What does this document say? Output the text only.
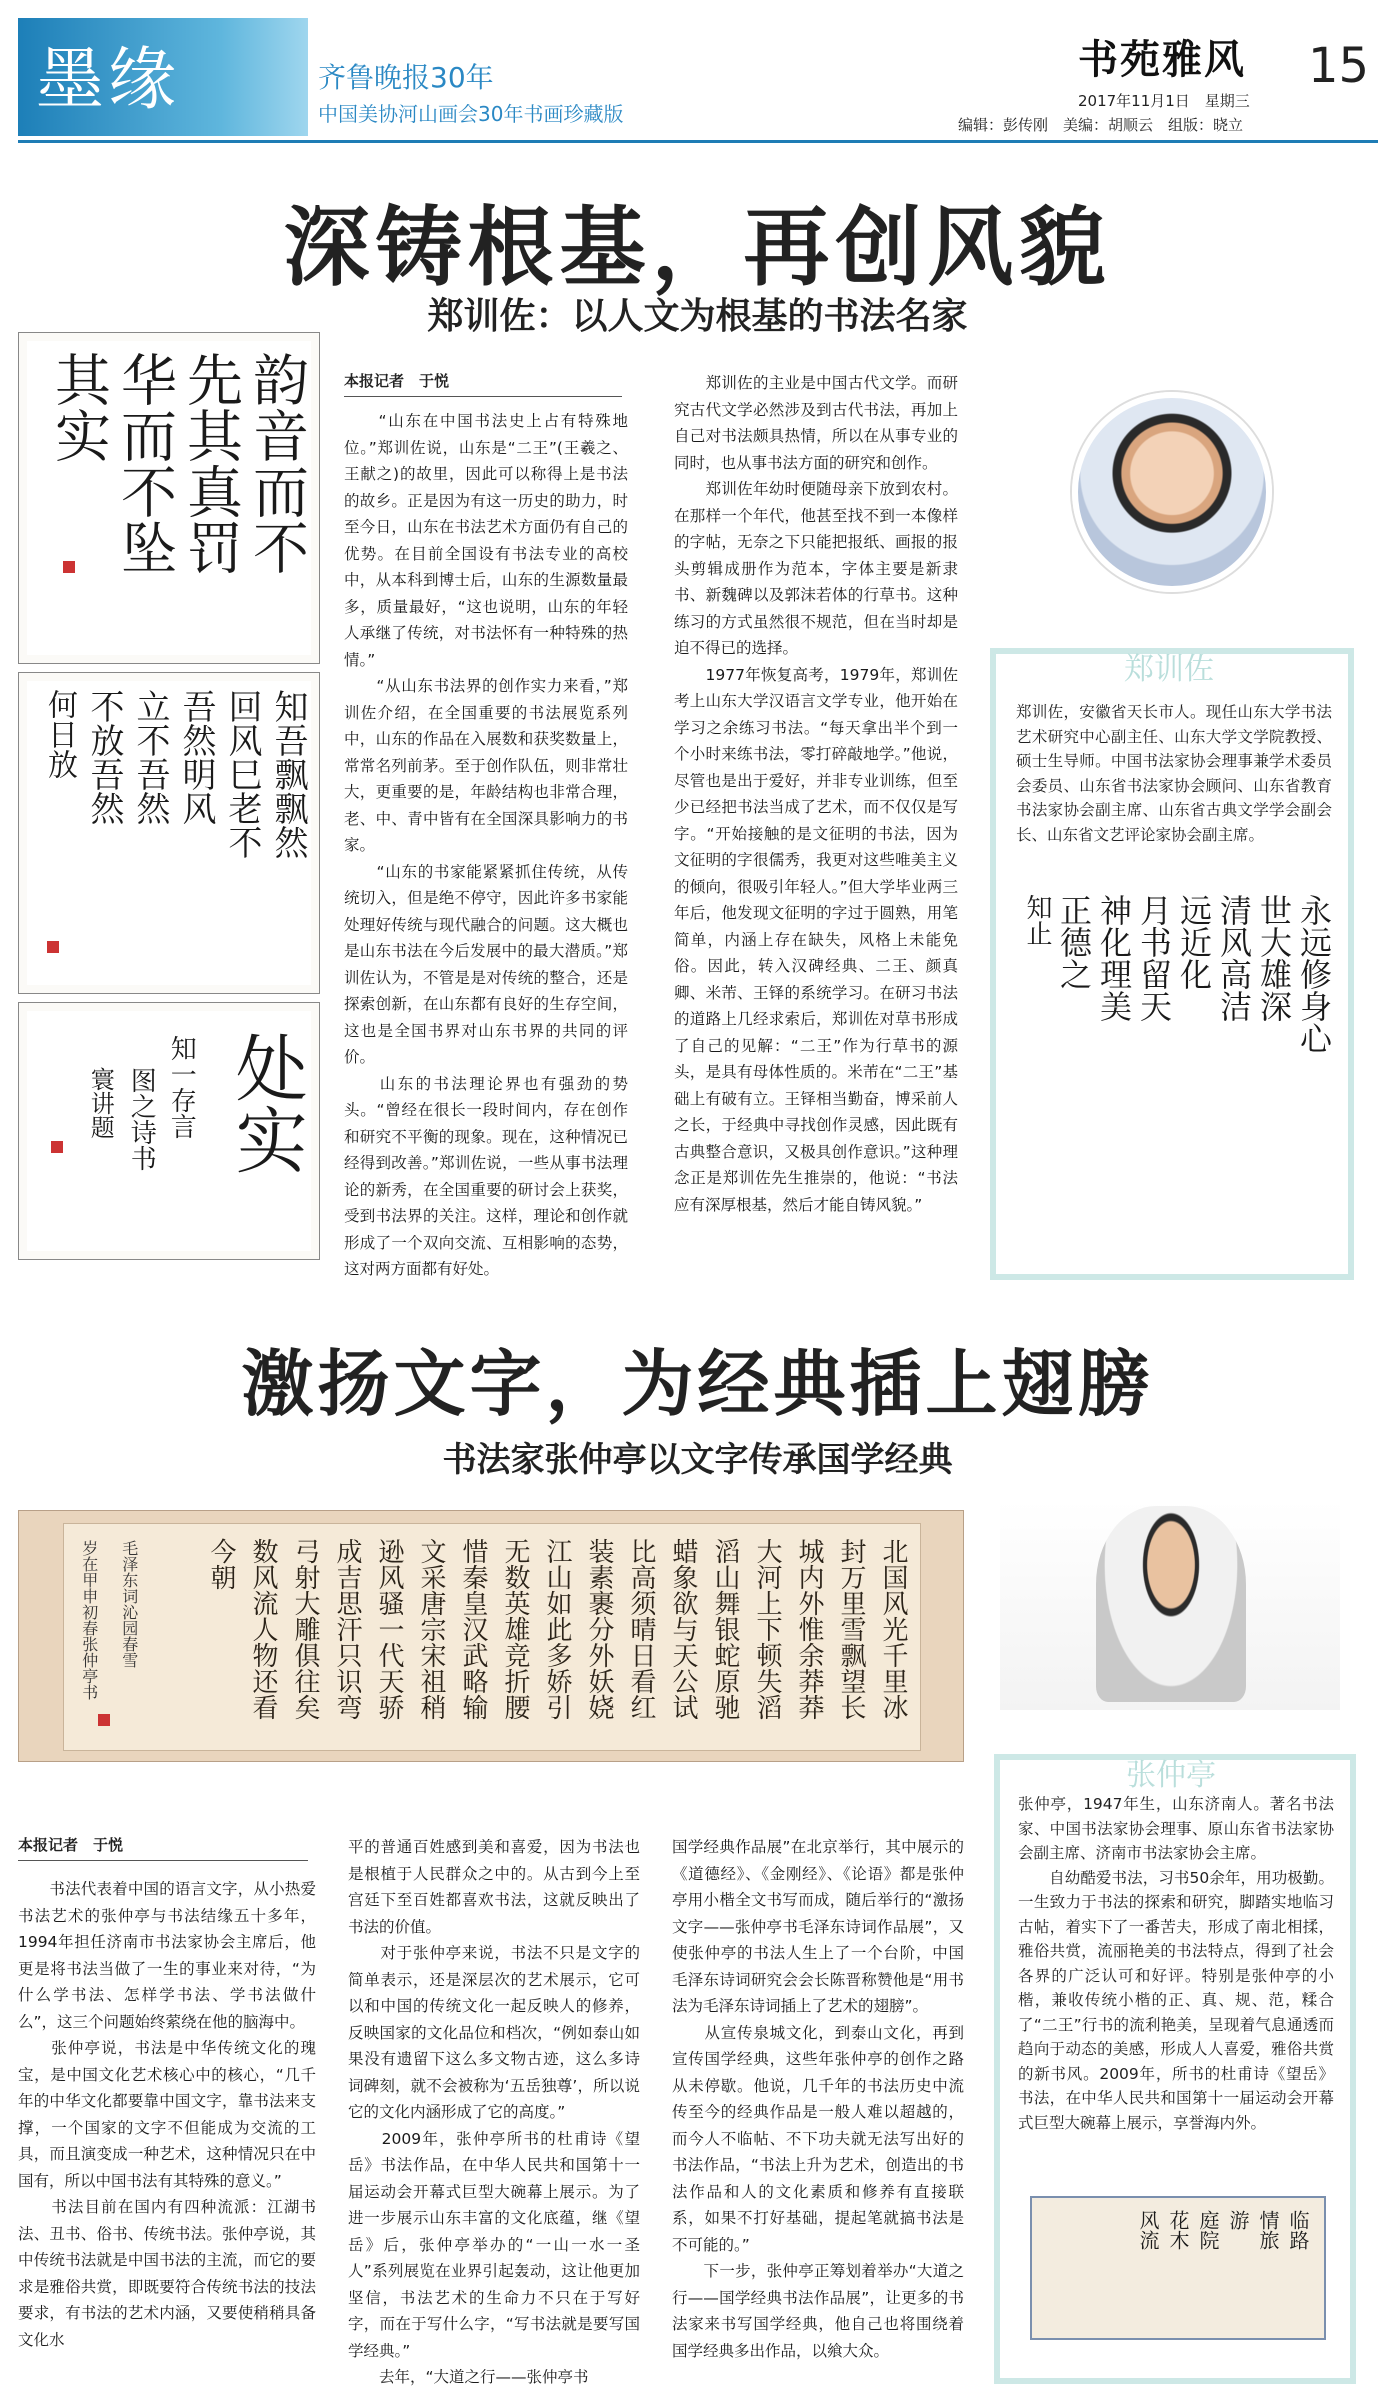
墨缘	齐鲁晚报30年
中国美协河山画会30年书画珍藏版
书苑雅风 15
2017年11月1日　星期三
编辑：彭传刚　美编：胡顺云　组版：晓立
深铸根基，再创风貌
郑训佐：以人文为根基的书法名家
韵音而不
先其真罚
华而不坠
其实
知吾飘飘然
回风巳老不
吾然明风
立不吾然
不放吾然
何日放
处实
知一存言
图之诗书
寰讲题
本报记者　于悦
　　“山东在中国书法史上占有特殊地位。”郑训佐说，山东是“二王”(王羲之、王献之)的故里，因此可以称得上是书法的故乡。正是因为有这一历史的助力，时至今日，山东在书法艺术方面仍有自己的优势。在目前全国设有书法专业的高校中，从本科到博士后，山东的生源数量最多，质量最好，“这也说明，山东的年轻人承继了传统，对书法怀有一种特殊的热情。”
　　“从山东书法界的创作实力来看，”郑训佐介绍，在全国重要的书法展览系列中，山东的作品在入展数和获奖数量上，常常名列前茅。至于创作队伍，则非常壮大，更重要的是，年龄结构也非常合理，老、中、青中皆有在全国深具影响力的书家。
　　“山东的书家能紧紧抓住传统，从传统切入，但是绝不停守，因此许多书家能处理好传统与现代融合的问题。这大概也是山东书法在今后发展中的最大潜质。”郑训佐认为，不管是是对传统的整合，还是探索创新，在山东都有良好的生存空间，这也是全国书界对山东书界的共同的评价。
　　山东的书法理论界也有强劲的势头。“曾经在很长一段时间内，存在创作和研究不平衡的现象。现在，这种情况已经得到改善。”郑训佐说，一些从事书法理论的新秀，在全国重要的研讨会上获奖，受到书法界的关注。这样，理论和创作就形成了一个双向交流、互相影响的态势，这对两方面都有好处。
　　郑训佐的主业是中国古代文学。而研究古代文学必然涉及到古代书法，再加上自己对书法颇具热情，所以在从事专业的同时，也从事书法方面的研究和创作。
　　郑训佐年幼时便随母亲下放到农村。在那样一个年代，他甚至找不到一本像样的字帖，无奈之下只能把报纸、画报的报头剪辑成册作为范本，字体主要是新隶书、新魏碑以及郭沫若体的行草书。这种练习的方式虽然很不规范，但在当时却是迫不得已的选择。
　　1977年恢复高考，1979年，郑训佐考上山东大学汉语言文学专业，他开始在学习之余练习书法。“每天拿出半个到一个小时来练书法，零打碎敲地学。”他说，尽管也是出于爱好，并非专业训练，但至少已经把书法当成了艺术，而不仅仅是写字。“开始接触的是文征明的书法，因为文征明的字很儒秀，我更对这些唯美主义的倾向，很吸引年轻人。”但大学毕业两三年后，他发现文征明的字过于圆熟，用笔简单，内涵上存在缺失，风格上未能免俗。因此，转入汉碑经典、二王、颜真卿、米芾、王铎的系统学习。在研习书法的道路上几经求索后，郑训佐对草书形成了自己的见解：“二王”作为行草书的源头，是具有母体性质的。米芾在“二王”基础上有破有立。王铎相当勤奋，博采前人之长，于经典中寻找创作灵感，因此既有古典整合意识，又极具创作意识。”这种理念正是郑训佐先生推崇的，他说：“书法应有深厚根基，然后才能自铸风貌。”
郑训佐
郑训佐，安徽省天长市人。现任山东大学书法艺术研究中心副主任、山东大学文学院教授、硕士生导师。中国书法家协会理事兼学术委员会委员、山东省书法家协会顾问、山东省教育书法家协会副主席、山东省古典文学学会副会长、山东省文艺评论家协会副主席。
永远修身心
世大雄深
清风高洁
远近化
月书留天
神化理美
正德之
知止
激扬文字，为经典插上翅膀
书法家张仲亭以文字传承国学经典
北国风光千里冰
封万里雪飘望长
城内外惟余莽莽
大河上下顿失滔
滔山舞银蛇原驰
蜡象欲与天公试
比高须晴日看红
装素裹分外妖娆
江山如此多娇引
无数英雄竞折腰
惜秦皇汉武略输
文采唐宗宋祖稍
逊风骚一代天骄
成吉思汗只识弯
弓射大雕俱往矣
数风流人物还看
今朝
毛泽东词沁园春雪
岁在甲申初春张仲亭书
张仲亭
张仲亭，1947年生，山东济南人。著名书法家、中国书法家协会理事、原山东省书法家协会副主席、济南市书法家协会主席。
　　自幼酷爱书法，习书50余年，用功极勤。一生致力于书法的探索和研究，脚踏实地临习古帖，着实下了一番苦夫，形成了南北相揉，雅俗共赏，流丽艳美的书法特点，得到了社会各界的广泛认可和好评。特别是张仲亭的小楷，兼收传统小楷的正、真、规、范，糅合了“二王”行书的流利艳美，呈现着气息通透而趋向于动态的美感，形成人人喜爱，雅俗共赏的新书风。2009年，所书的杜甫诗《望岳》书法，在中华人民共和国第十一届运动会开幕式巨型大碗幕上展示，享誉海内外。
临路
情旅
游
庭院
花木
风流
本报记者　于悦
　　书法代表着中国的语言文字，从小热爱书法艺术的张仲亭与书法结缘五十多年，1994年担任济南市书法家协会主席后，他更是将书法当做了一生的事业来对待，“为什么学书法、怎样学书法、学书法做什么”，这三个问题始终萦绕在他的脑海中。
　　张仲亭说，书法是中华传统文化的瑰宝，是中国文化艺术核心中的核心，“几千年的中华文化都要靠中国文字，靠书法来支撑，一个国家的文字不但能成为交流的工具，而且演变成一种艺术，这种情况只在中国有，所以中国书法有其特殊的意义。”
　　书法目前在国内有四种流派：江湖书法、丑书、俗书、传统书法。张仲亭说，其中传统书法就是中国书法的主流，而它的要求是雅俗共赏，即既要符合传统书法的技法要求，有书法的艺术内涵，又要使稍稍具备文化水
平的普通百姓感到美和喜爱，因为书法也是根植于人民群众之中的。从古到今上至宫廷下至百姓都喜欢书法，这就反映出了书法的价值。
　　对于张仲亭来说，书法不只是文字的简单表示，还是深层次的艺术展示，它可以和中国的传统文化一起反映人的修养，反映国家的文化品位和档次，“例如泰山如果没有遗留下这么多文物古迹，这么多诗词碑刻，就不会被称为‘五岳独尊’，所以说它的文化内涵形成了它的高度。”
　　2009年，张仲亭所书的杜甫诗《望岳》书法作品，在中华人民共和国第十一届运动会开幕式巨型大碗幕上展示。为了进一步展示山东丰富的文化底蕴，继《望岳》后，张仲亭举办的“一山一水一圣人”系列展览在业界引起轰动，这让他更加坚信，书法艺术的生命力不只在于写好字，而在于写什么字，“写书法就是要写国学经典。”
　　去年，“大道之行——张仲亭书
国学经典作品展”在北京举行，其中展示的《道德经》、《金刚经》、《论语》都是张仲亭用小楷全文书写而成，随后举行的“激扬文字——张仲亭书毛泽东诗词作品展”，又使张仲亭的书法人生上了一个台阶，中国毛泽东诗词研究会会长陈晋称赞他是“用书法为毛泽东诗词插上了艺术的翅膀”。
　　从宣传泉城文化，到泰山文化，再到宣传国学经典，这些年张仲亭的创作之路从未停歇。他说，几千年的书法历史中流传至今的经典作品是一般人难以超越的，而今人不临帖、不下功夫就无法写出好的书法作品，“书法上升为艺术，创造出的书法作品和人的文化素质和修养有直接联系，如果不打好基础，提起笔就搞书法是不可能的。”
　　下一步，张仲亭正筹划着举办“大道之行——国学经典书法作品展”，让更多的书法家来书写国学经典，他自己也将围绕着国学经典多出作品，以飨大众。
